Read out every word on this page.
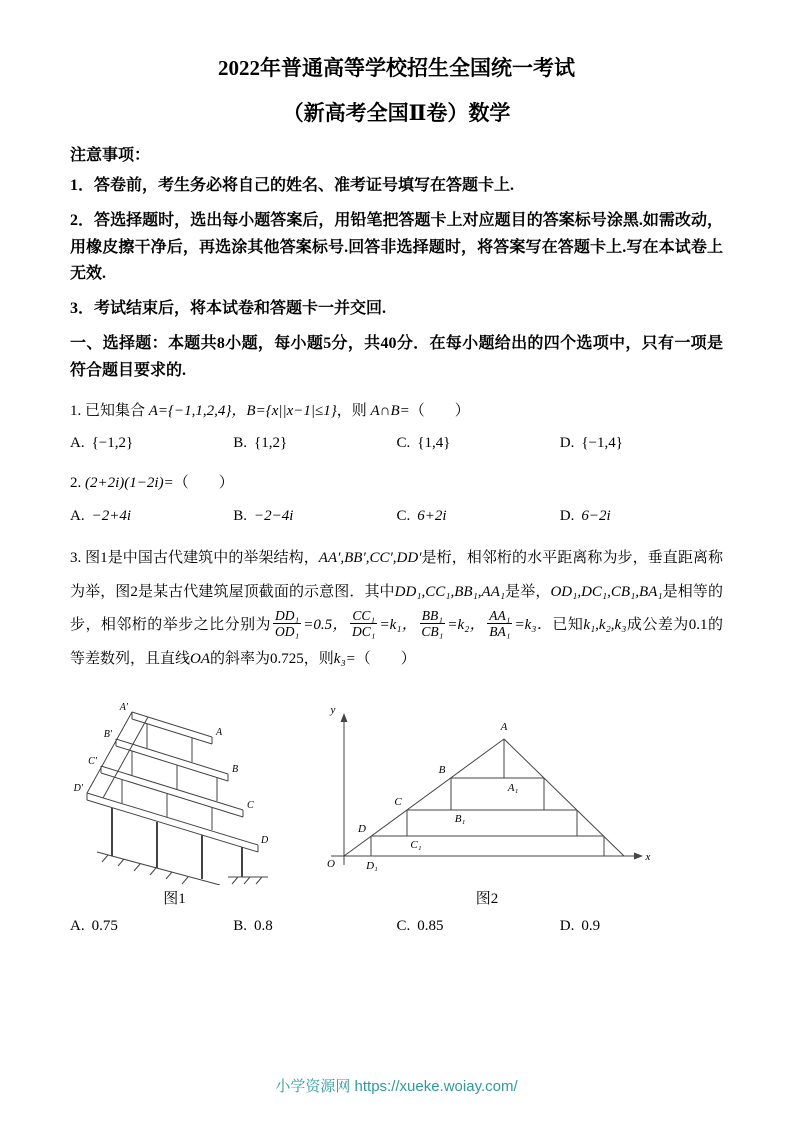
2022年普通高等学校招生全国统一考试
（新高考全国Ⅱ卷）数学
注意事项：

1．答卷前，考生务必将自己的姓名、准考证号填写在答题卡上.

2．答选择题时，选出每小题答案后，用铅笔把答题卡上对应题目的答案标号涂黑.如需改动，用橡皮擦干净后，再选涂其他答案标号.回答非选择题时，将答案写在答题卡上.写在本试卷上无效.

3．考试结束后，将本试卷和答题卡一并交回.

一、选择题：本题共8小题，每小题5分，共40分．在每小题给出的四个选项中，只有一项是符合题目要求的.

1. 已知集合 A={−1,1,2,4}，B={x||x−1|≤1}，则 A∩B=（　　）

A. {−1,2}	B. {1,2}	C. {1,4}	D. {−1,4}

2. (2+2i)(1−2i)=（　　）

A. −2+4i	B. −2−4i	C. 6+2i	D. 6−2i

3. 图1是中国古代建筑中的举架结构，AA′,BB′,CC′,DD′是桁，相邻桁的水平距离称为步，垂直距离称为举，图2是某古代建筑屋顶截面的示意图．其中DD₁,CC₁,BB₁,AA₁是举，OD₁,DC₁,CB₁,BA₁是相等的步，相邻桁的举步之比分别为 $\frac{\text{DD₁}}{\text{OD₁}} =0.5$， $\frac{\text{CC₁}}{\text{DC₁}} =k_1$， $\frac{\text{BB₁}}{\text{CB₁}} =k_2$， $\frac{\text{AA₁}}{\text{BA₁}} =k_3$．已知k₁,k₂,k₃成公差为0.1的等差数列，且直线OA的斜率为0.725，则k₃=（　　）

A′
B′
C′
D′
A
B
C
D
图1
y
x
O
A
B
C
D
A₁
B₁
C₁
D₁
图2
A. 0.75	B. 0.8	C. 0.85	D. 0.9
小学资源网 https://xueke.woiay.com/
